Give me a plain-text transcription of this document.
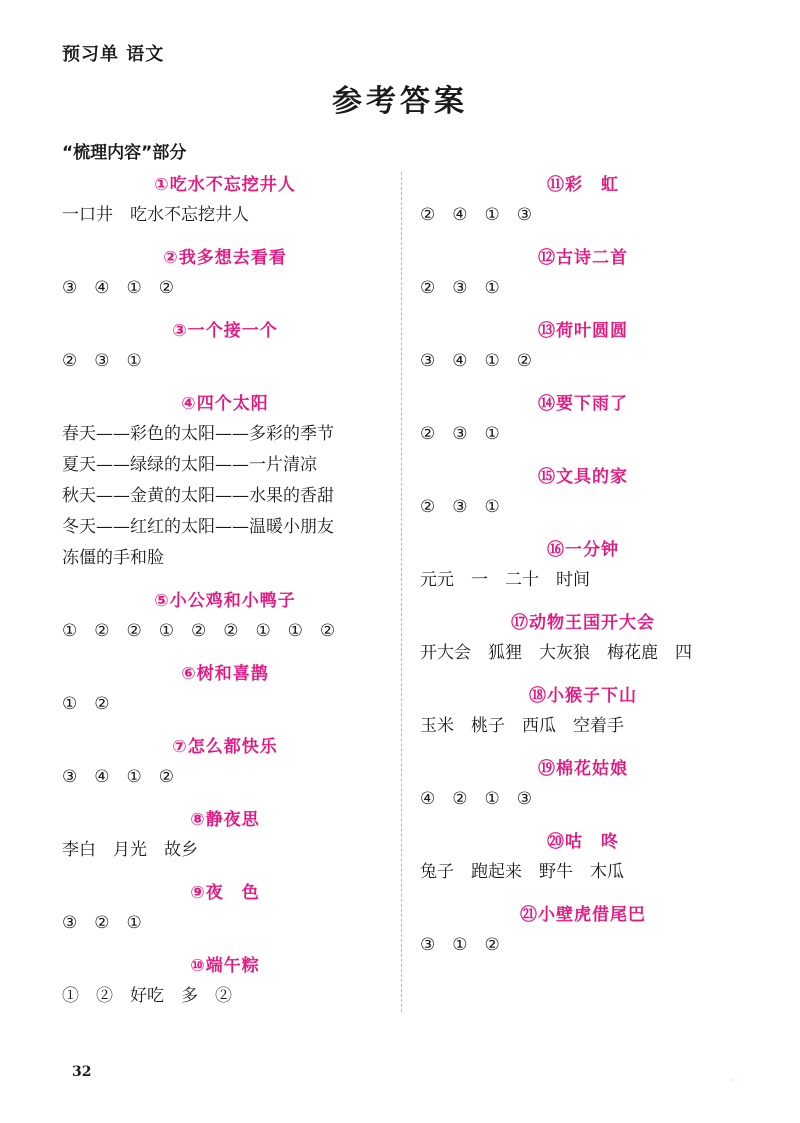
预习单 语文
参考答案
“梳理内容”部分
①吃水不忘挖井人
一口井　吃水不忘挖井人
②我多想去看看
③　④　①　②
③一个接一个
②　③　①
④四个太阳
春天——彩色的太阳——多彩的季节
夏天——绿绿的太阳——一片清凉
秋天——金黄的太阳——水果的香甜
冬天——红红的太阳——温暖小朋友
冻僵的手和脸
⑤小公鸡和小鸭子
①　②　②　①　②　②　①　①　②
⑥树和喜鹊
①　②
⑦怎么都快乐
③　④　①　②
⑧静夜思
李白　月光　故乡
⑨夜　色
③　②　①
⑩端午粽
①　②　好吃　多　②
⑪彩　虹
②　④　①　③
⑫古诗二首
②　③　①
⑬荷叶圆圆
③　④　①　②
⑭要下雨了
②　③　①
⑮文具的家
②　③　①
⑯一分钟
元元　一　二十　时间
⑰动物王国开大会
开大会　狐狸　大灰狼　梅花鹿　四
⑱小猴子下山
玉米　桃子　西瓜　空着手
⑲棉花姑娘
④　②　①　③
⑳咕　咚
兔子　跑起来　野牛　木瓜
㉑小壁虎借尾巴
③　①　②
32
···
